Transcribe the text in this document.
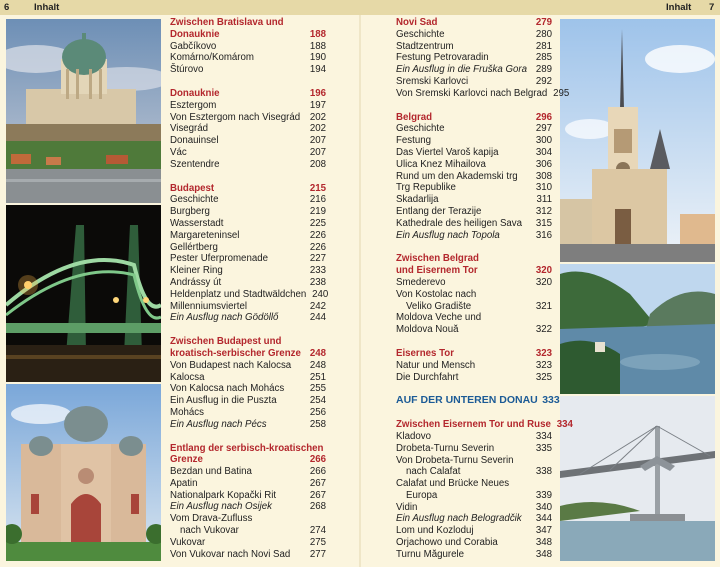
6	Inhalt	Inhalt 7
Zwischen Bratislava und
Donauknie	188
Gabčíkovo	188
Komárno/Komárom	190
Štúrovo	194
Donauknie	196
Esztergom	197
Von Esztergom nach Visegrád 202
Visegrád	202
Donauinsel	207
Vác	207
Szentendre	208
Budapest	215
Geschichte	216
Burgberg	219
Wasserstadt	225
Margareteninsel	226
Gellértberg	226
Pester Uferpromenade	227
Kleiner Ring	233
Andrássy út	238
Heldenplatz und Stadtwäldchen 240
Millenniumsviertel	242
Ein Ausflug nach Gödöllő	244
Zwischen Budapest und
kroatisch-serbischer Grenze 248
Von Budapest nach Kalocsa	248
Kalocsa	251
Von Kalocsa nach Mohács	255
Ein Ausflug in die Puszta	254
Mohács	256
Ein Ausflug nach Pécs	258
Entlang der serbisch-kroatischen
Grenze	266
Bezdan und Batina	266
Apatin	267
Nationalpark Kopački Rit	267
Ein Ausflug nach Osijek	268
Vom Drava-Zufluss
nach Vukovar	274
Vukovar	275
Von Vukovar nach Novi Sad	277
Novi Sad	279
Geschichte	280
Stadtzentrum	281
Festung Petrovaradin	285
Ein Ausflug in die Fruška Gora 289
Sremski Karlovci	292
Von Sremski Karlovci nach Belgrad 295
Belgrad	296
Geschichte	297
Festung	300
Das Viertel Varoš kapija	304
Ulica Knez Mihailova	306
Rund um den Akademski trg	308
Trg Republike	310
Skadarlija	311
Entlang der Terazije	312
Kathedrale des heiligen Sava	315
Ein Ausflug nach Topola	316
Zwischen Belgrad
und Eisernem Tor	320
Smederevo	320
Von Kostolac nach
Veliko Gradište	321
Moldova Veche und
Moldova Nouă	322
Eisernes Tor	323
Natur und Mensch	323
Die Durchfahrt	325
AUF DER UNTEREN DONAU 333
Zwischen Eisernem Tor und Ruse 334
Kladovo	334
Drobeta-Turnu Severin	335
Von Drobeta-Turnu Severin
nach Calafat	338
Calafat und Brücke Neues
Europa	339
Vidin	340
Ein Ausflug nach Belogradčik	344
Lom und Kozloduj	347
Orjachowo und Corabia	348
Turnu Măgurele	348
